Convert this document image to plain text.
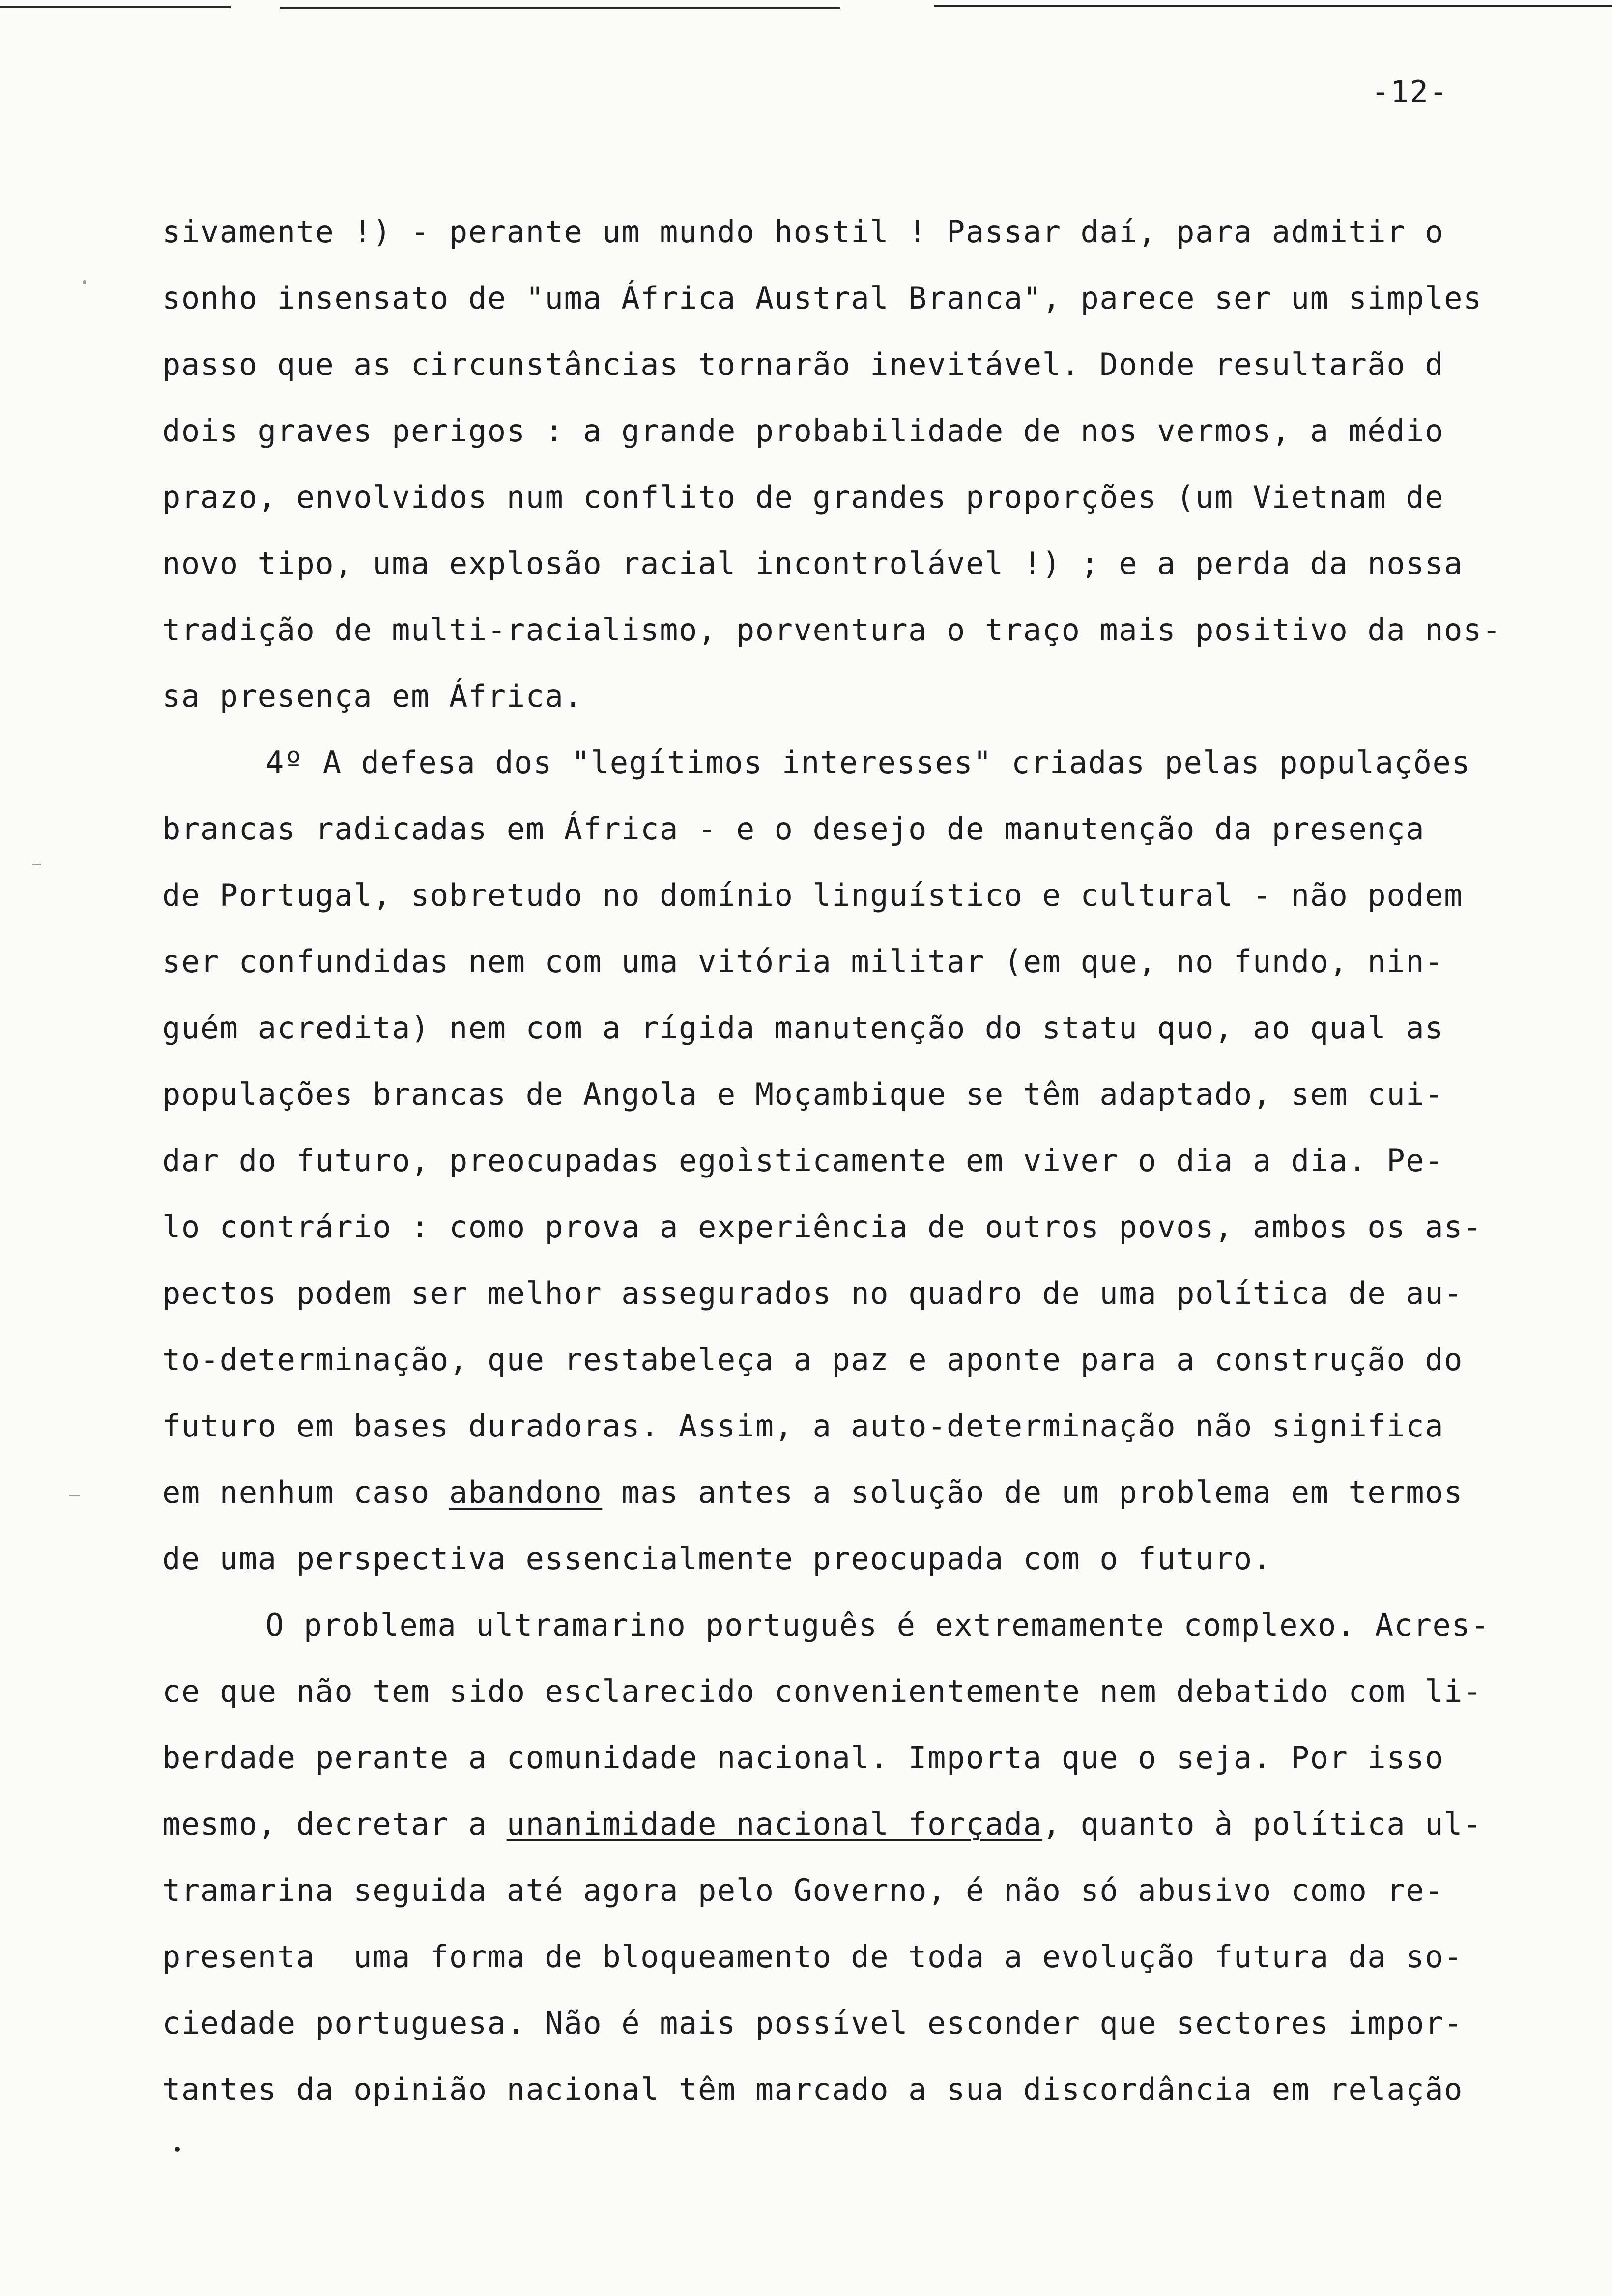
-12-
sivamente !) - perante um mundo hostil ! Passar daí, para admitir o
sonho insensato de "uma África Austral Branca", parece ser um simples
passo que as circunstâncias tornarão inevitável. Donde resultarão d
dois graves perigos : a grande probabilidade de nos vermos, a médio
prazo, envolvidos num conflito de grandes proporções (um Vietnam de
novo tipo, uma explosão racial incontrolável !) ; e a perda da nossa
tradição de multi-racialismo, porventura o traço mais positivo da nos-
sa presença em África.
4º A defesa dos "legítimos interesses" criadas pelas populações
brancas radicadas em África - e o desejo de manutenção da presença
de Portugal, sobretudo no domínio linguístico e cultural - não podem
ser confundidas nem com uma vitória militar (em que, no fundo, nin-
guém acredita) nem com a rígida manutenção do statu quo, ao qual as
populações brancas de Angola e Moçambique se têm adaptado, sem cui-
dar do futuro, preocupadas egoìsticamente em viver o dia a dia. Pe-
lo contrário : como prova a experiência de outros povos, ambos os as-
pectos podem ser melhor assegurados no quadro de uma política de au-
to-determinação, que restabeleça a paz e aponte para a construção do
futuro em bases duradoras. Assim, a auto-determinação não significa
em nenhum caso abandono mas antes a solução de um problema em termos
de uma perspectiva essencialmente preocupada com o futuro.
O problema ultramarino português é extremamente complexo. Acres-
ce que não tem sido esclarecido convenientemente nem debatido com li-
berdade perante a comunidade nacional. Importa que o seja. Por isso
mesmo, decretar a unanimidade nacional forçada, quanto à política ul-
tramarina seguida até agora pelo Governo, é não só abusivo como re-
presenta  uma forma de bloqueamento de toda a evolução futura da so-
ciedade portuguesa. Não é mais possível esconder que sectores impor-
tantes da opinião nacional têm marcado a sua discordância em relação
